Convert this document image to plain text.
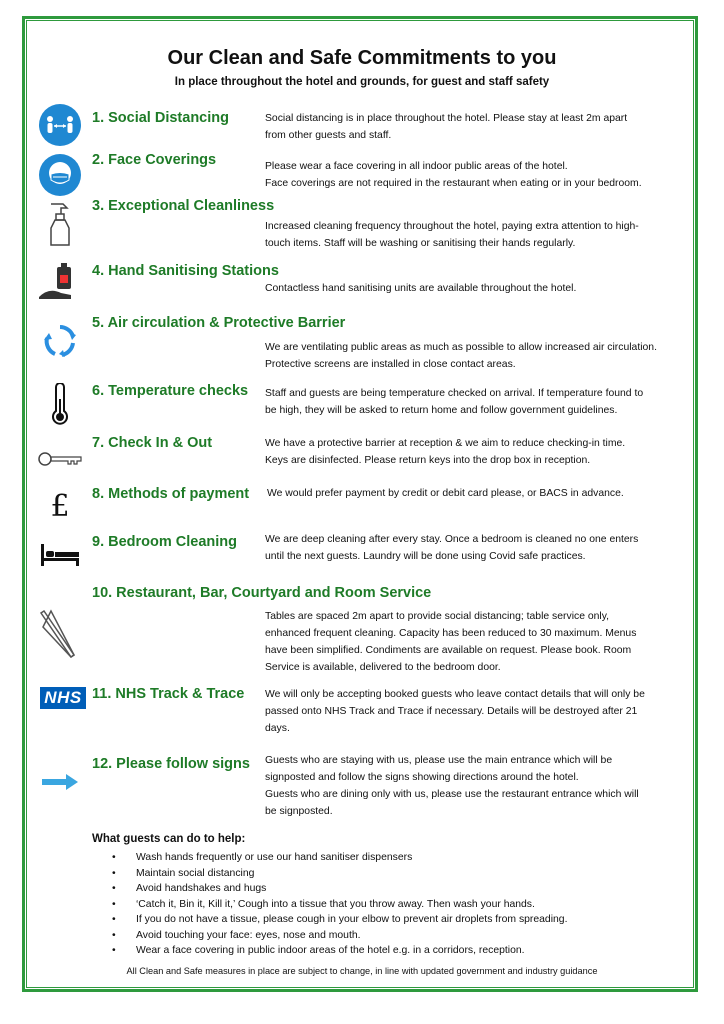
Our Clean and Safe Commitments to you
In place throughout the hotel and grounds, for guest and staff safety
1. Social Distancing	Social distancing is in place throughout the hotel. Please stay at least 2m apart
from other guests and staff.
2. Face Coverings	Please wear a face covering in all indoor public areas of the hotel.
Face coverings are not required in the restaurant when eating or in your bedroom.
3. Exceptional Cleanliness
Increased cleaning frequency throughout the hotel, paying extra attention to high-
touch items. Staff will be washing or sanitising their hands regularly.
4. Hand Sanitising Stations
Contactless hand sanitising units are available throughout the hotel.
5. Air circulation & Protective Barrier
We are ventilating public areas as much as possible to allow increased air circulation.
Protective screens are installed in close contact areas.
6. Temperature checks Staff and guests are being temperature checked on arrival. If temperature found to
be high, they will be asked to return home and follow government guidelines.
7. Check In & Out	We have a protective barrier at reception & we aim to reduce checking-in time.
Keys are disinfected. Please return keys into the drop box in reception.
£	8. Methods of payment We would prefer payment by credit or debit card please, or BACS in advance.
9. Bedroom Cleaning	We are deep cleaning after every stay. Once a bedroom is cleaned no one enters
until the next guests. Laundry will be done using Covid safe practices.
10. Restaurant, Bar, Courtyard and Room Service
Tables are spaced 2m apart to provide social distancing; table service only,
enhanced frequent cleaning. Capacity has been reduced to 30 maximum. Menus
have been simplified. Condiments are available on request. Please book. Room
Service is available, delivered to the bedroom door.
NHS 11. NHS Track & Trace We will only be accepting booked guests who leave contact details that will only be
passed onto NHS Track and Trace if necessary. Details will be destroyed after 21
days.
12. Please follow signs Guests who are staying with us, please use the main entrance which will be
signposted and follow the signs showing directions around the hotel.
Guests who are dining only with us, please use the restaurant entrance which will
be signposted.
What guests can do to help:
• Wash hands frequently or use our hand sanitiser dispensers
• Maintain social distancing
• Avoid handshakes and hugs
• ‘Catch it, Bin it, Kill it,’ Cough into a tissue that you throw away. Then wash your hands.
• If you do not have a tissue, please cough in your elbow to prevent air droplets from spreading.
• Avoid touching your face: eyes, nose and mouth.
• Wear a face covering in public indoor areas of the hotel e.g. in a corridors, reception.
All Clean and Safe measures in place are subject to change, in line with updated government and industry guidance
